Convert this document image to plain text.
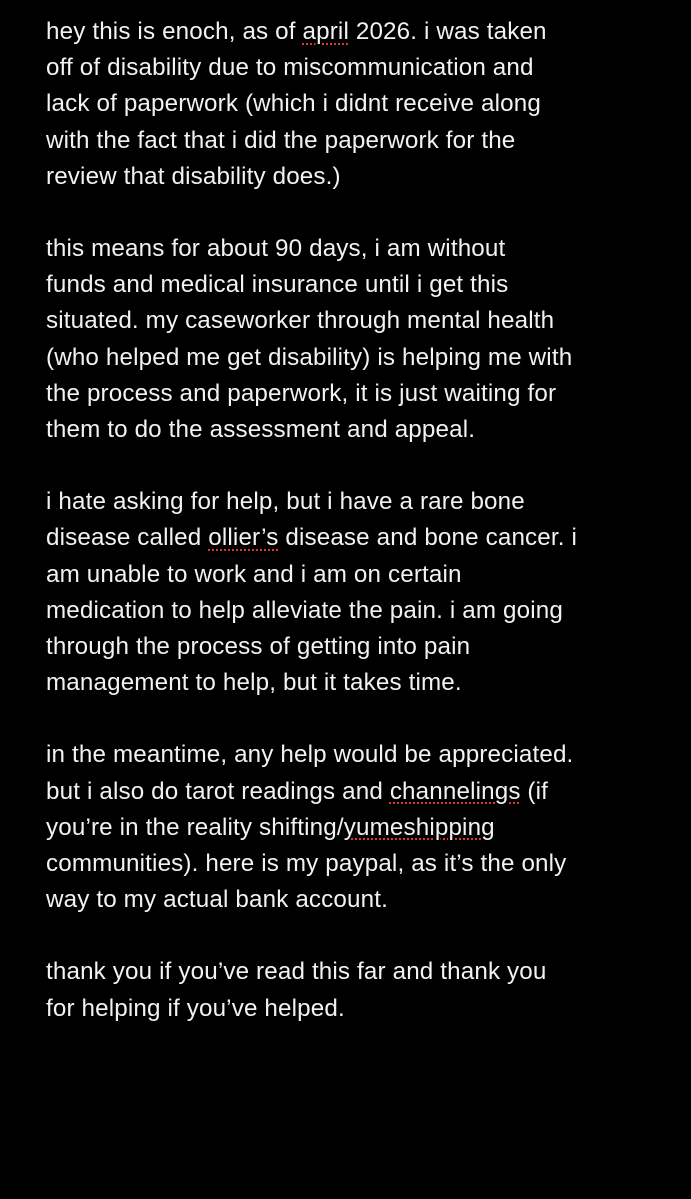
hey this is enoch, as of april 2026. i was taken
off of disability due to miscommunication and
lack of paperwork (which i didnt receive along
with the fact that i did the paperwork for the
review that disability does.)
this means for about 90 days, i am without
funds and medical insurance until i get this
situated. my caseworker through mental health
(who helped me get disability) is helping me with
the process and paperwork, it is just waiting for
them to do the assessment and appeal.
i hate asking for help, but i have a rare bone
disease called ollier’s disease and bone cancer. i
am unable to work and i am on certain
medication to help alleviate the pain. i am going
through the process of getting into pain
management to help, but it takes time.
in the meantime, any help would be appreciated.
but i also do tarot readings and channelings (if
you’re in the reality shifting/yumeshipping
communities). here is my paypal, as it’s the only
way to my actual bank account.
thank you if you’ve read this far and thank you
for helping if you’ve helped.
